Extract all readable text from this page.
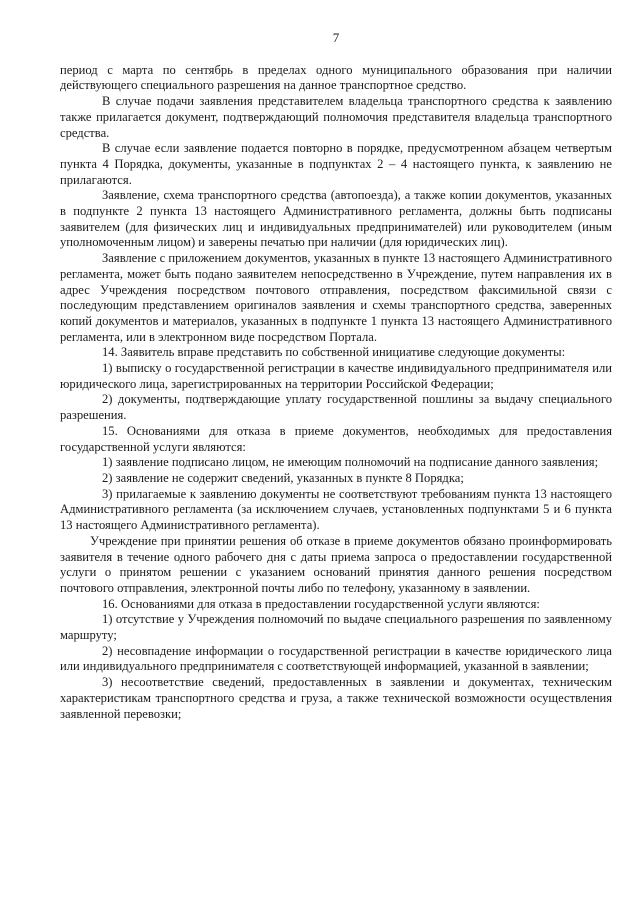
7

период с марта по сентябрь в пределах одного муниципального образования при наличии действующего специального разрешения на данное транспортное средство.

В случае подачи заявления представителем владельца транспортного средства к заявлению также прилагается документ, подтверждающий полномочия представителя владельца транспортного средства.

В случае если заявление подается повторно в порядке, предусмотренном абзацем четвертым пункта 4 Порядка, документы, указанные в подпунктах 2 – 4 настоящего пункта, к заявлению не прилагаются.

Заявление, схема транспортного средства (автопоезда), а также копии документов, указанных в подпункте 2 пункта 13 настоящего Административного регламента, должны быть подписаны заявителем (для физических лиц и индивидуальных предпринимателей) или руководителем (иным уполномоченным лицом) и заверены печатью при наличии (для юридических лиц).

Заявление с приложением документов, указанных в пункте 13 настоящего Административного регламента, может быть подано заявителем непосредственно в Учреждение, путем направления их в адрес Учреждения посредством почтового отправления, посредством факсимильной связи с последующим представлением оригиналов заявления и схемы транспортного средства, заверенных копий документов и материалов, указанных в подпункте 1 пункта 13 настоящего Административного регламента, или в электронном виде посредством Портала.

14. Заявитель вправе представить по собственной инициативе следующие документы:

1) выписку о государственной регистрации в качестве индивидуального предпринимателя или юридического лица, зарегистрированных на территории Российской Федерации;

2) документы, подтверждающие уплату государственной пошлины за выдачу специального разрешения.

15. Основаниями для отказа в приеме документов, необходимых для предоставления государственной услуги являются:

1) заявление подписано лицом, не имеющим полномочий на подписание данного заявления;

2) заявление не содержит сведений, указанных в пункте 8 Порядка;

3) прилагаемые к заявлению документы не соответствуют требованиям пункта 13 настоящего Административного регламента (за исключением случаев, установленных подпунктами 5 и 6 пункта 13 настоящего Административного регламента).

Учреждение при принятии решения об отказе в приеме документов обязано проинформировать заявителя в течение одного рабочего дня с даты приема запроса о предоставлении государственной услуги о принятом решении с указанием оснований принятия данного решения посредством почтового отправления, электронной почты либо по телефону, указанному в заявлении.

16. Основаниями для отказа в предоставлении государственной услуги являются:

1) отсутствие у Учреждения полномочий по выдаче специального разрешения по заявленному маршруту;

2) несовпадение информации о государственной регистрации в качестве юридического лица или индивидуального предпринимателя с соответствующей информацией, указанной в заявлении;

3) несоответствие сведений, предоставленных в заявлении и документах, техническим характеристикам транспортного средства и груза, а также технической возможности осуществления заявленной перевозки;
